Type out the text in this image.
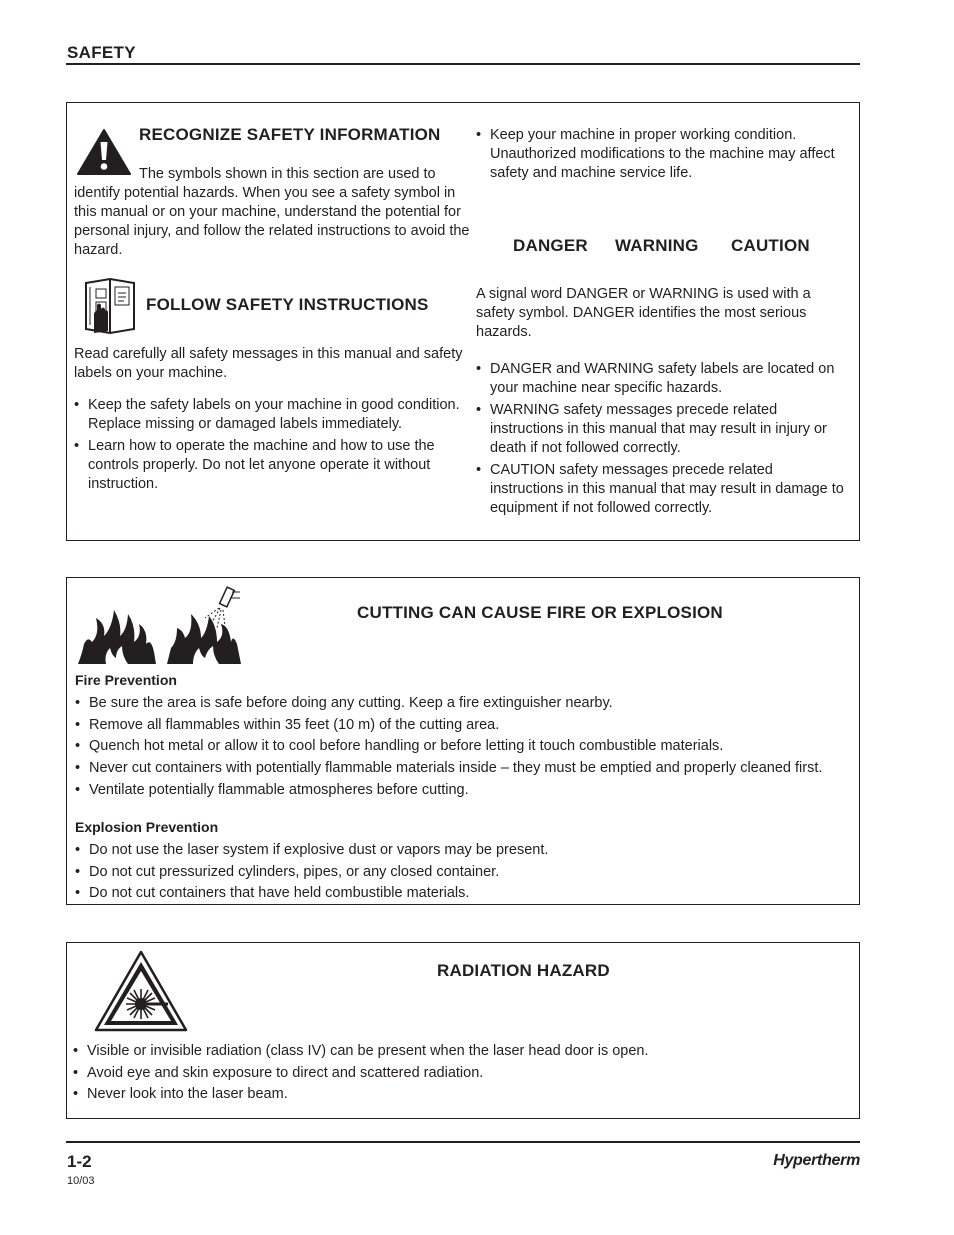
SAFETY
RECOGNIZE SAFETY INFORMATION
The symbols shown in this section are used to identify potential hazards. When you see a safety symbol in this manual or on your machine, understand the potential for personal injury, and follow the related instructions to avoid the hazard.
FOLLOW SAFETY INSTRUCTIONS
Read carefully all safety messages in this manual and safety labels on your machine.
• Keep the safety labels on your machine in good condition. Replace missing or damaged labels immediately.
• Learn how to operate the machine and how to use the controls properly. Do not let anyone operate it without instruction.
• Keep your machine in proper working condition. Unauthorized modifications to the machine may affect safety and machine service life.
DANGER WARNING CAUTION
A signal word DANGER or WARNING is used with a safety symbol. DANGER identifies the most serious hazards.
• DANGER and WARNING safety labels are located on your machine near specific hazards.
• WARNING safety messages precede related instructions in this manual that may result in injury or death if not followed correctly.
• CAUTION safety messages precede related instructions in this manual that may result in damage to equipment if not followed correctly.
CUTTING CAN CAUSE FIRE OR EXPLOSION
Fire Prevention
• Be sure the area is safe before doing any cutting. Keep a fire extinguisher nearby.
• Remove all flammables within 35 feet (10 m) of the cutting area.
• Quench hot metal or allow it to cool before handling or before letting it touch combustible materials.
• Never cut containers with potentially flammable materials inside – they must be emptied and properly cleaned first.
• Ventilate potentially flammable atmospheres before cutting.
Explosion Prevention
• Do not use the laser system if explosive dust or vapors may be present.
• Do not cut pressurized cylinders, pipes, or any closed container.
• Do not cut containers that have held combustible materials.
RADIATION HAZARD
• Visible or invisible radiation (class IV) can be present when the laser head door is open.
• Avoid eye and skin exposure to direct and scattered radiation.
• Never look into the laser beam.
1-2
10/03
Hypertherm
